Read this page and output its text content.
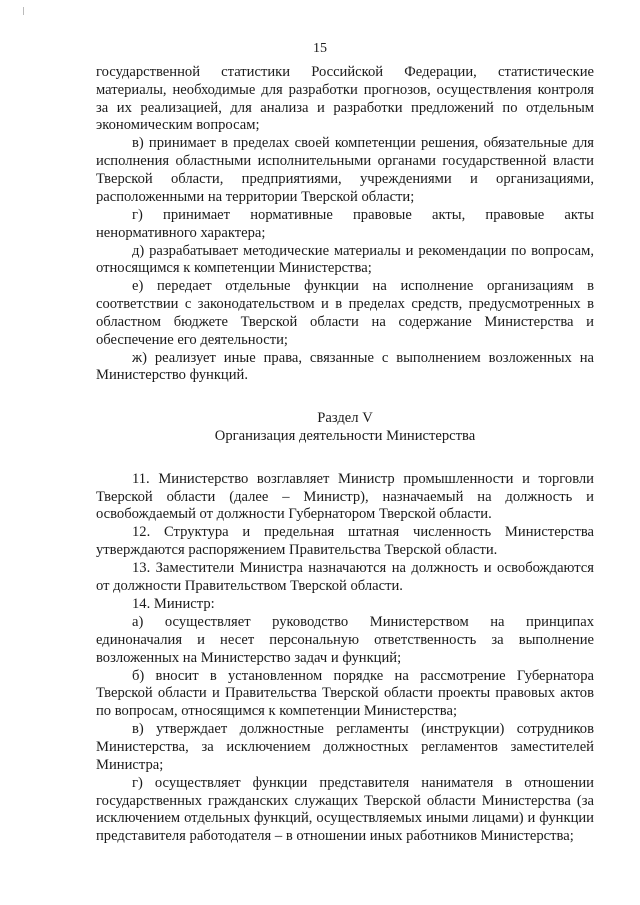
15

государственной статистики Российской Федерации, статистические материалы, необходимые для разработки прогнозов, осуществления контроля за их реализацией, для анализа и разработки предложений по отдельным экономическим вопросам;

в) принимает в пределах своей компетенции решения, обязательные для исполнения областными исполнительными органами государственной власти Тверской области, предприятиями, учреждениями и организациями, расположенными на территории Тверской области;

г) принимает нормативные правовые акты, правовые акты ненормативного характера;

д) разрабатывает методические материалы и рекомендации по вопросам, относящимся к компетенции Министерства;

е) передает отдельные функции на исполнение организациям в соответствии с законодательством и в пределах средств, предусмотренных в областном бюджете Тверской области на содержание Министерства и обеспечение его деятельности;

ж) реализует иные права, связанные с выполнением возложенных на Министерство функций.

Раздел V

Организация деятельности Министерства

11. Министерство возглавляет Министр промышленности и торговли Тверской области (далее – Министр), назначаемый на должность и освобождаемый от должности Губернатором Тверской области.

12. Структура и предельная штатная численность Министерства утверждаются распоряжением Правительства Тверской области.

13. Заместители Министра назначаются на должность и освобождаются от должности Правительством Тверской области.

14. Министр:

а) осуществляет руководство Министерством на принципах единоначалия и несет персональную ответственность за выполнение возложенных на Министерство задач и функций;

б) вносит в установленном порядке на рассмотрение Губернатора Тверской области и Правительства Тверской области проекты правовых актов по вопросам, относящимся к компетенции Министерства;

в) утверждает должностные регламенты (инструкции) сотрудников Министерства, за исключением должностных регламентов заместителей Министра;

г) осуществляет функции представителя нанимателя в отношении государственных гражданских служащих Тверской области Министерства (за исключением отдельных функций, осуществляемых иными лицами) и функции представителя работодателя – в отношении иных работников Министерства;
